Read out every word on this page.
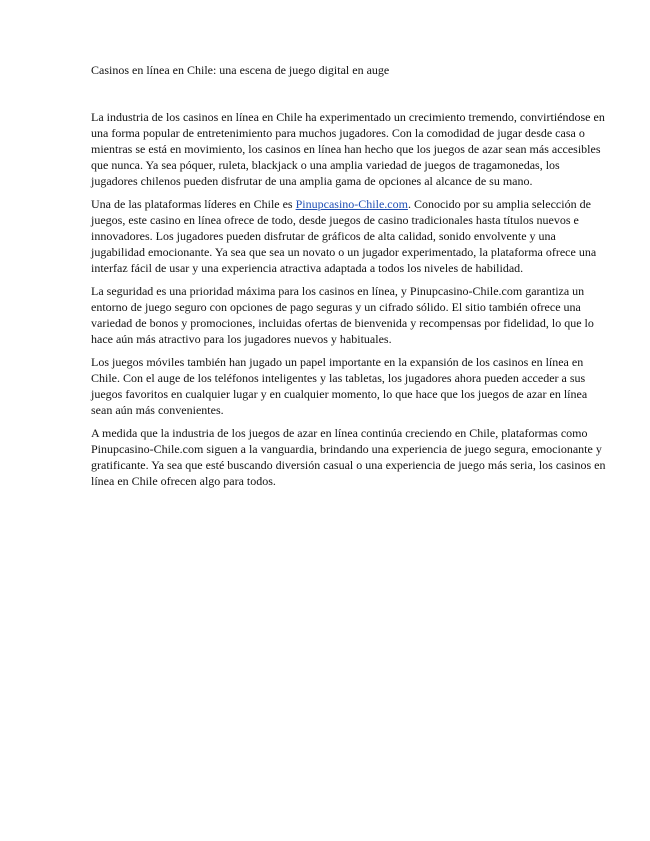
Casinos en línea en Chile: una escena de juego digital en auge

La industria de los casinos en línea en Chile ha experimentado un crecimiento tremendo, convirtiéndose en una forma popular de entretenimiento para muchos jugadores. Con la comodidad de jugar desde casa o mientras se está en movimiento, los casinos en línea han hecho que los juegos de azar sean más accesibles que nunca. Ya sea póquer, ruleta, blackjack o una amplia variedad de juegos de tragamonedas, los jugadores chilenos pueden disfrutar de una amplia gama de opciones al alcance de su mano.

Una de las plataformas líderes en Chile es Pinupcasino-Chile.com. Conocido por su amplia selección de juegos, este casino en línea ofrece de todo, desde juegos de casino tradicionales hasta títulos nuevos e innovadores. Los jugadores pueden disfrutar de gráficos de alta calidad, sonido envolvente y una jugabilidad emocionante. Ya sea que sea un novato o un jugador experimentado, la plataforma ofrece una interfaz fácil de usar y una experiencia atractiva adaptada a todos los niveles de habilidad.

La seguridad es una prioridad máxima para los casinos en línea, y Pinupcasino-Chile.com garantiza un entorno de juego seguro con opciones de pago seguras y un cifrado sólido. El sitio también ofrece una variedad de bonos y promociones, incluidas ofertas de bienvenida y recompensas por fidelidad, lo que lo hace aún más atractivo para los jugadores nuevos y habituales.

Los juegos móviles también han jugado un papel importante en la expansión de los casinos en línea en Chile. Con el auge de los teléfonos inteligentes y las tabletas, los jugadores ahora pueden acceder a sus juegos favoritos en cualquier lugar y en cualquier momento, lo que hace que los juegos de azar en línea sean aún más convenientes.

A medida que la industria de los juegos de azar en línea continúa creciendo en Chile, plataformas como Pinupcasino-Chile.com siguen a la vanguardia, brindando una experiencia de juego segura, emocionante y gratificante. Ya sea que esté buscando diversión casual o una experiencia de juego más seria, los casinos en línea en Chile ofrecen algo para todos.
